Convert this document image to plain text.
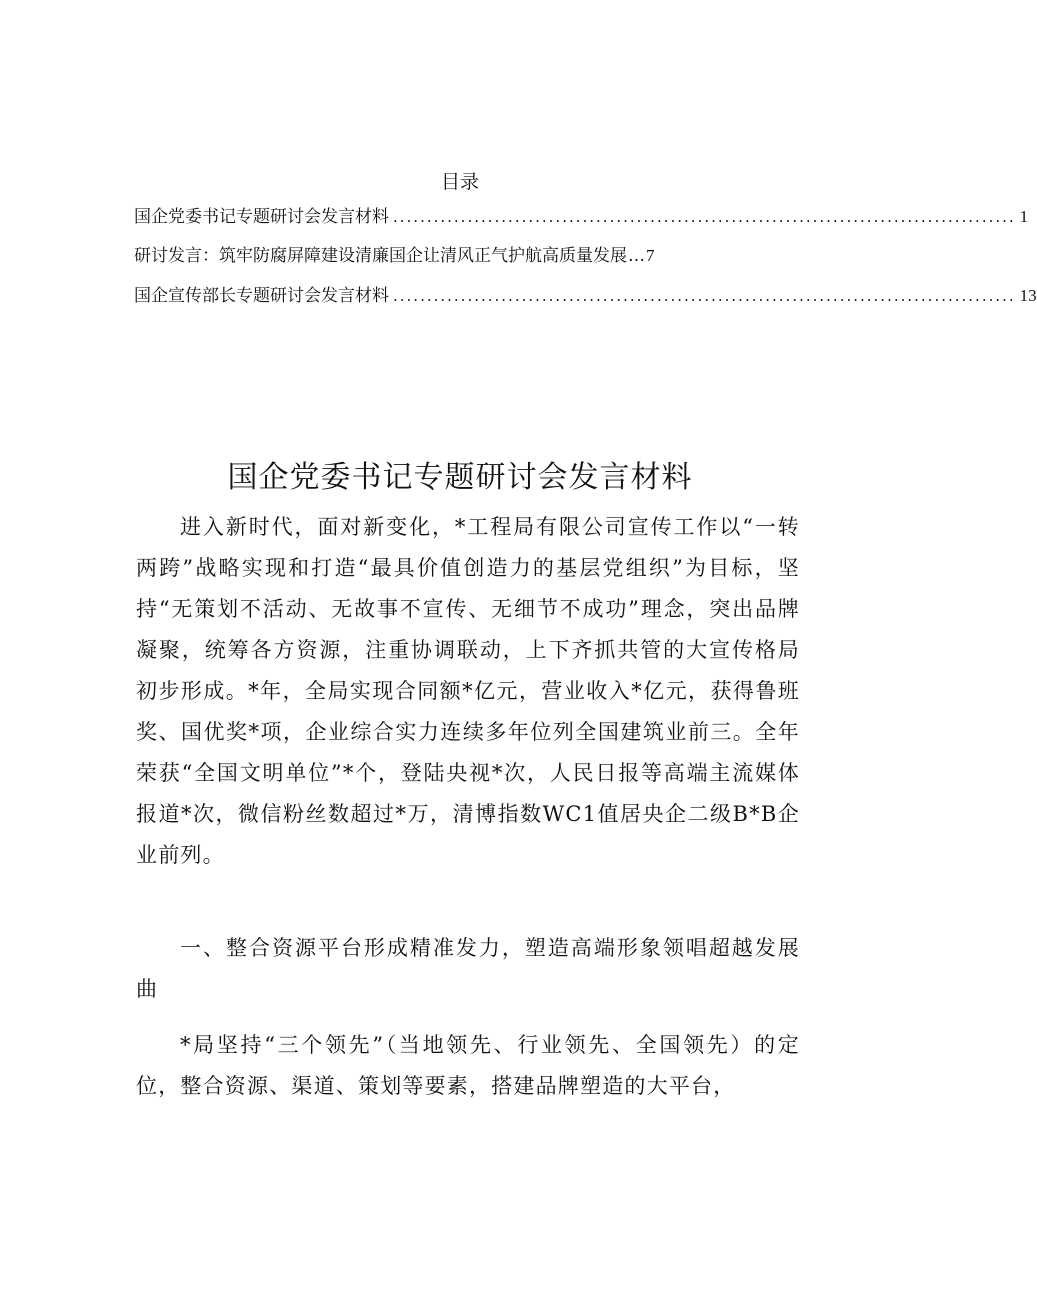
目录
国企党委书记专题研讨会发言材料 ............................................................................................ 1
研讨发言：筑牢防腐屏障建设清廉国企让清风正气护航高质量发展 … 7
国企宣传部长专题研讨会发言材料 ............................................................................................ 13
国企党委书记专题研讨会发言材料
进入新时代，面对新变化，*工程局有限公司宣传工作以“一转两跨”战略实现和打造“最具价值创造力的基层党组织”为目标，坚持“无策划不活动、无故事不宣传、无细节不成功”理念，突出品牌凝聚，统筹各方资源，注重协调联动，上下齐抓共管的大宣传格局初步形成。*年，全局实现合同额*亿元，营业收入*亿元，获得鲁班奖、国优奖*项，企业综合实力连续多年位列全国建筑业前三。全年荣获“全国文明单位”*个，登陆央视*次，人民日报等高端主流媒体报道*次，微信粉丝数超过*万，清博指数WC1值居央企二级B*B企业前列。
一、整合资源平台形成精准发力，塑造高端形象领唱超越发展曲
*局坚持“三个领先”（当地领先、行业领先、全国领先）的定位，整合资源、渠道、策划等要素，搭建品牌塑造的大平台，
